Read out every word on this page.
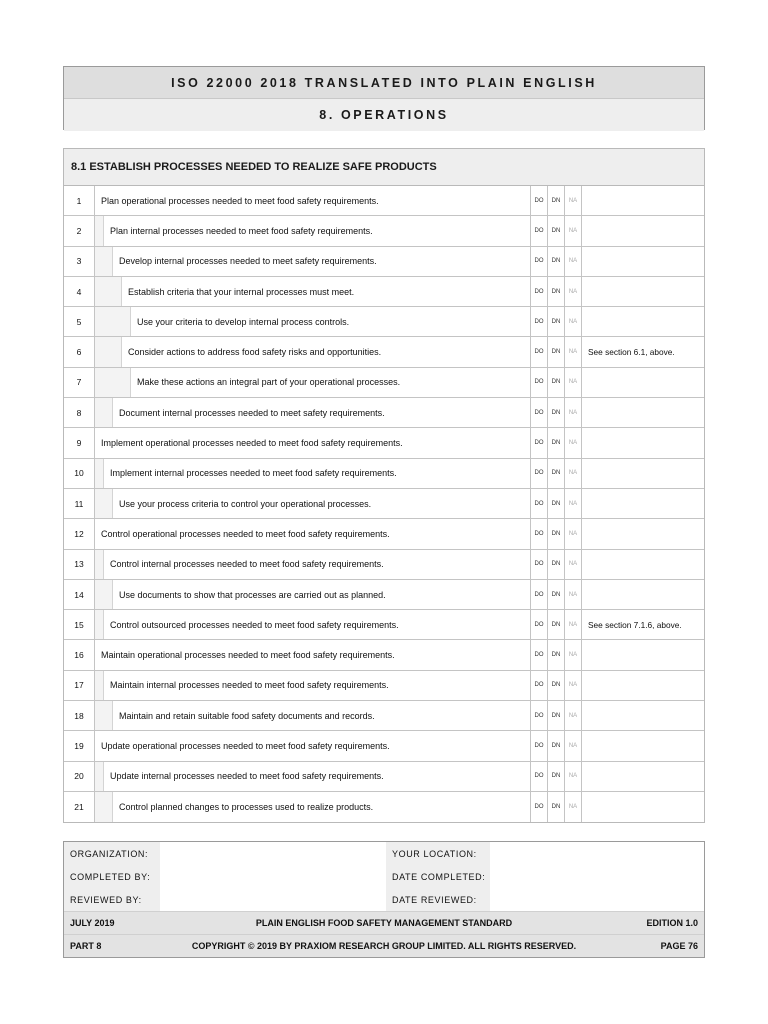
ISO 22000 2018 TRANSLATED INTO PLAIN ENGLISH
8. OPERATIONS
8.1 ESTABLISH PROCESSES NEEDED TO REALIZE SAFE PRODUCTS
1	Plan operational processes needed to meet food safety requirements.	DO	DN	NA
2	Plan internal processes needed to meet food safety requirements.	DO	DN	NA
3	Develop internal processes needed to meet safety requirements.	DO	DN	NA
4	Establish criteria that your internal processes must meet.	DO	DN	NA
5	Use your criteria to develop internal process controls.	DO	DN	NA
6	Consider actions to address food safety risks and opportunities.	DO	DN	NA	See section 6.1, above.
7	Make these actions an integral part of your operational processes.	DO	DN	NA
8	Document internal processes needed to meet safety requirements.	DO	DN	NA
9	Implement operational processes needed to meet food safety requirements.	DO	DN	NA
10	Implement internal processes needed to meet food safety requirements.	DO	DN	NA
11	Use your process criteria to control your operational processes.	DO	DN	NA
12	Control operational processes needed to meet food safety requirements.	DO	DN	NA
13	Control internal processes needed to meet food safety requirements.	DO	DN	NA
14	Use documents to show that processes are carried out as planned.	DO	DN	NA
15	Control outsourced processes needed to meet food safety requirements.	DO	DN	NA	See section 7.1.6, above.
16	Maintain operational processes needed to meet food safety requirements.	DO	DN	NA
17	Maintain internal processes needed to meet food safety requirements.	DO	DN	NA
18	Maintain and retain suitable food safety documents and records.	DO	DN	NA
19	Update operational processes needed to meet food safety requirements.	DO	DN	NA
20	Update internal processes needed to meet food safety requirements.	DO	DN	NA
21	Control planned changes to processes used to realize products.	DO	DN	NA
ORGANIZATION:	YOUR LOCATION:
COMPLETED BY:	DATE COMPLETED:
REVIEWED BY:	DATE REVIEWED:
JULY 2019	PLAIN ENGLISH FOOD SAFETY MANAGEMENT STANDARD	EDITION 1.0
PART 8	COPYRIGHT © 2019 BY PRAXIOM RESEARCH GROUP LIMITED. ALL RIGHTS RESERVED.	PAGE 76
